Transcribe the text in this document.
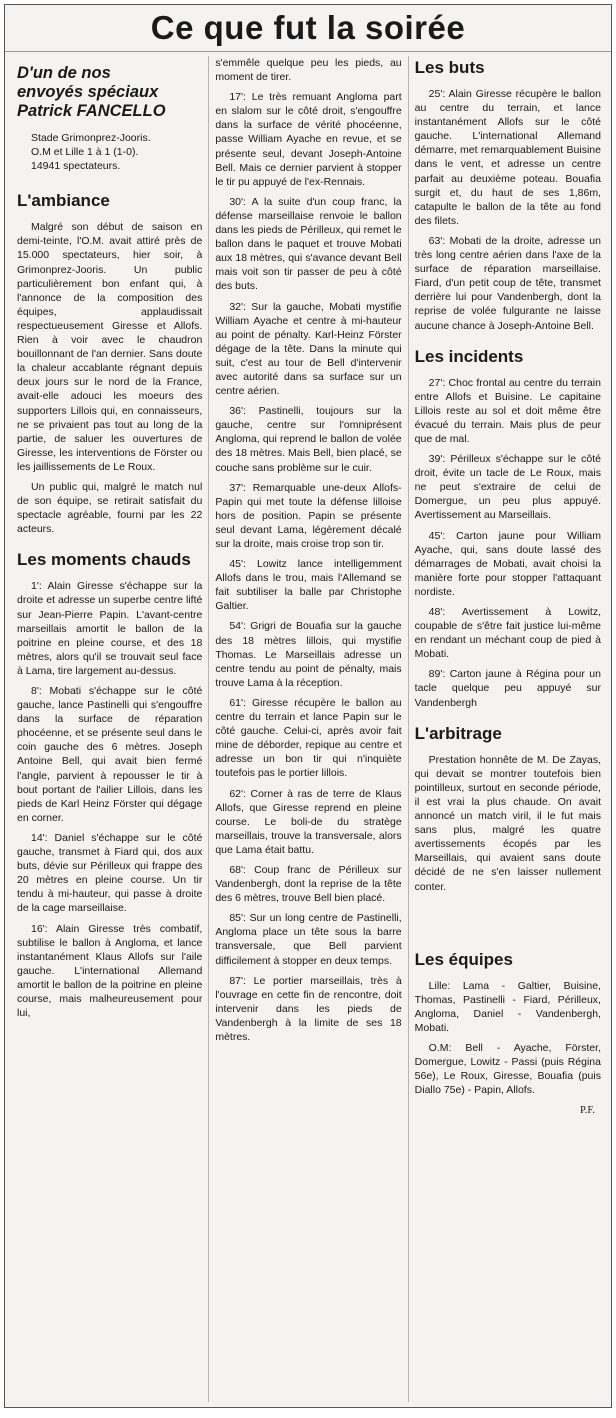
Ce que fut la soirée
D'un de nos
envoyés spéciaux
Patrick FANCELLO

Stade Grimonprez-Jooris.

O.M et Lille 1 à 1 (1-0).

14941 spectateurs.

L'ambiance

Malgré son début de saison en demi-teinte, l'O.M. avait attiré près de 15.000 spectateurs, hier soir, à Grimonprez-Jooris. Un public particulièrement bon enfant qui, à l'annonce de la composition des équipes, applaudissait respectueusement Giresse et Allofs. Rien à voir avec le chaudron bouillonnant de l'an dernier. Sans doute la chaleur accablante régnant depuis deux jours sur le nord de la France, avait-elle adouci les moeurs des supporters Lillois qui, en connaisseurs, ne se privaient pas tout au long de la partie, de saluer les ouvertures de Giresse, les interventions de Förster ou les jaillissements de Le Roux.

Un public qui, malgré le match nul de son équipe, se retirait satisfait du spectacle agréable, fourni par les 22 acteurs.

Les moments chauds

1': Alain Giresse s'échappe sur la droite et adresse un superbe centre lifté sur Jean-Pierre Papin. L'avant-centre marseillais amortit le ballon de la poitrine en pleine course, et des 18 mètres, alors qu'il se trouvait seul face à Lama, tire largement au-dessus.

8': Mobati s'échappe sur le côté gauche, lance Pastinelli qui s'engouffre dans la surface de réparation phocéenne, et se présente seul dans le coin gauche des 6 mètres. Joseph Antoine Bell, qui avait bien fermé l'angle, parvient à repousser le tir à bout portant de l'ailier Lillois, dans les pieds de Karl Heinz Förster qui dégage en corner.

14': Daniel s'échappe sur le côté gauche, transmet à Fiard qui, dos aux buts, dévie sur Périlleux qui frappe des 20 mètres en pleine course. Un tir tendu à mi-hauteur, qui passe à droite de la cage marseillaise.

16': Alain Giresse très combatif, subtilise le ballon à Angloma, et lance instantanément Klaus Allofs sur l'aile gauche. L'international Allemand amortit le ballon de la poitrine en pleine course, mais malheureusement pour lui,

s'emmêle quelque peu les pieds, au moment de tirer.

17': Le très remuant Angloma part en slalom sur le côté droit, s'engouffre dans la surface de vérité phocéenne, passe William Ayache en revue, et se présente seul, devant Joseph-Antoine Bell. Mais ce dernier parvient à stopper le tir pu appuyé de l'ex-Rennais.

30': A la suite d'un coup franc, la défense marseillaise renvoie le ballon dans les pieds de Périlleux, qui remet le ballon dans le paquet et trouve Mobati aux 18 mètres, qui s'avance devant Bell mais voit son tir passer de peu à côté des buts.

32': Sur la gauche, Mobati mystifie William Ayache et centre à mi-hauteur au point de pénalty. Karl-Heinz Förster dégage de la tête. Dans la minute qui suit, c'est au tour de Bell d'intervenir avec autorité dans sa surface sur un centre aérien.

36': Pastinelli, toujours sur la gauche, centre sur l'omniprésent Angloma, qui reprend le ballon de volée des 18 mètres. Mais Bell, bien placé, se couche sans problème sur le cuir.

37': Remarquable une-deux Allofs-Papin qui met toute la défense lilloise hors de position. Papin se présente seul devant Lama, légèrement décalé sur la droite, mais croise trop son tir.

45': Lowitz lance intelligemment Allofs dans le trou, mais l'Allemand se fait subtiliser la balle par Christophe Galtier.

54': Grigri de Bouafia sur la gauche des 18 mètres lillois, qui mystifie Thomas. Le Marseillais adresse un centre tendu au point de pénalty, mais trouve Lama à la réception.

61': Giresse récupère le ballon au centre du terrain et lance Papin sur le côté gauche. Celui-ci, après avoir fait mine de déborder, repique au centre et adresse un bon tir qui n'inquiète toutefois pas le portier lillois.

62': Corner à ras de terre de Klaus Allofs, que Giresse reprend en pleine course. Le boli-de du stratège marseillais, trouve la transversale, alors que Lama était battu.

68': Coup franc de Périlleux sur Vandenbergh, dont la reprise de la tête des 6 mètres, trouve Bell bien placé.

85': Sur un long centre de Pastinelli, Angloma place un tête sous la barre transversale, que Bell parvient difficilement à stopper en deux temps.

87': Le portier marseillais, très à l'ouvrage en cette fin de rencontre, doit intervenir dans les pieds de Vandenbergh à la limite de ses 18 mètres.

Les buts

25': Alain Giresse récupère le ballon au centre du terrain, et lance instantanément Allofs sur le côté gauche. L'international Allemand démarre, met remarquablement Buisine dans le vent, et adresse un centre parfait au deuxième poteau. Bouafia surgit et, du haut de ses 1,86m, catapulte le ballon de la tête au fond des filets.

63': Mobati de la droite, adresse un très long centre aérien dans l'axe de la surface de réparation marseillaise. Fiard, d'un petit coup de tête, transmet derrière lui pour Vandenbergh, dont la reprise de volée fulgurante ne laisse aucune chance à Joseph-Antoine Bell.

Les incidents

27': Choc frontal au centre du terrain entre Allofs et Buisine. Le capitaine Lillois reste au sol et doit même être évacué du terrain. Mais plus de peur que de mal.

39': Périlleux s'échappe sur le côté droit, évite un tacle de Le Roux, mais ne peut s'extraire de celui de Domergue, un peu plus appuyé. Avertissement au Marseillais.

45': Carton jaune pour William Ayache, qui, sans doute lassé des démarrages de Mobati, avait choisi la manière forte pour stopper l'attaquant nordiste.

48': Avertissement à Lowitz, coupable de s'être fait justice lui-même en rendant un méchant coup de pied à Mobati.

89': Carton jaune à Régina pour un tacle quelque peu appuyé sur Vandenbergh

L'arbitrage

Prestation honnête de M. De Zayas, qui devait se montrer toutefois bien pointilleux, surtout en seconde période, il est vrai la plus chaude. On avait annoncé un match viril, il le fut mais sans plus, malgré les quatre avertissements écopés par les Marseillais, qui avaient sans doute décidé de ne s'en laisser nullement conter.

Les équipes

Lille: Lama - Galtier, Buisine, Thomas, Pastinelli - Fiard, Périlleux, Angloma, Daniel - Vandenbergh, Mobati.

O.M: Bell - Ayache, Förster, Domergue, Lowitz - Passi (puis Régina 56e), Le Roux, Giresse, Bouafia (puis Diallo 75e) - Papin, Allofs.

P.F.
